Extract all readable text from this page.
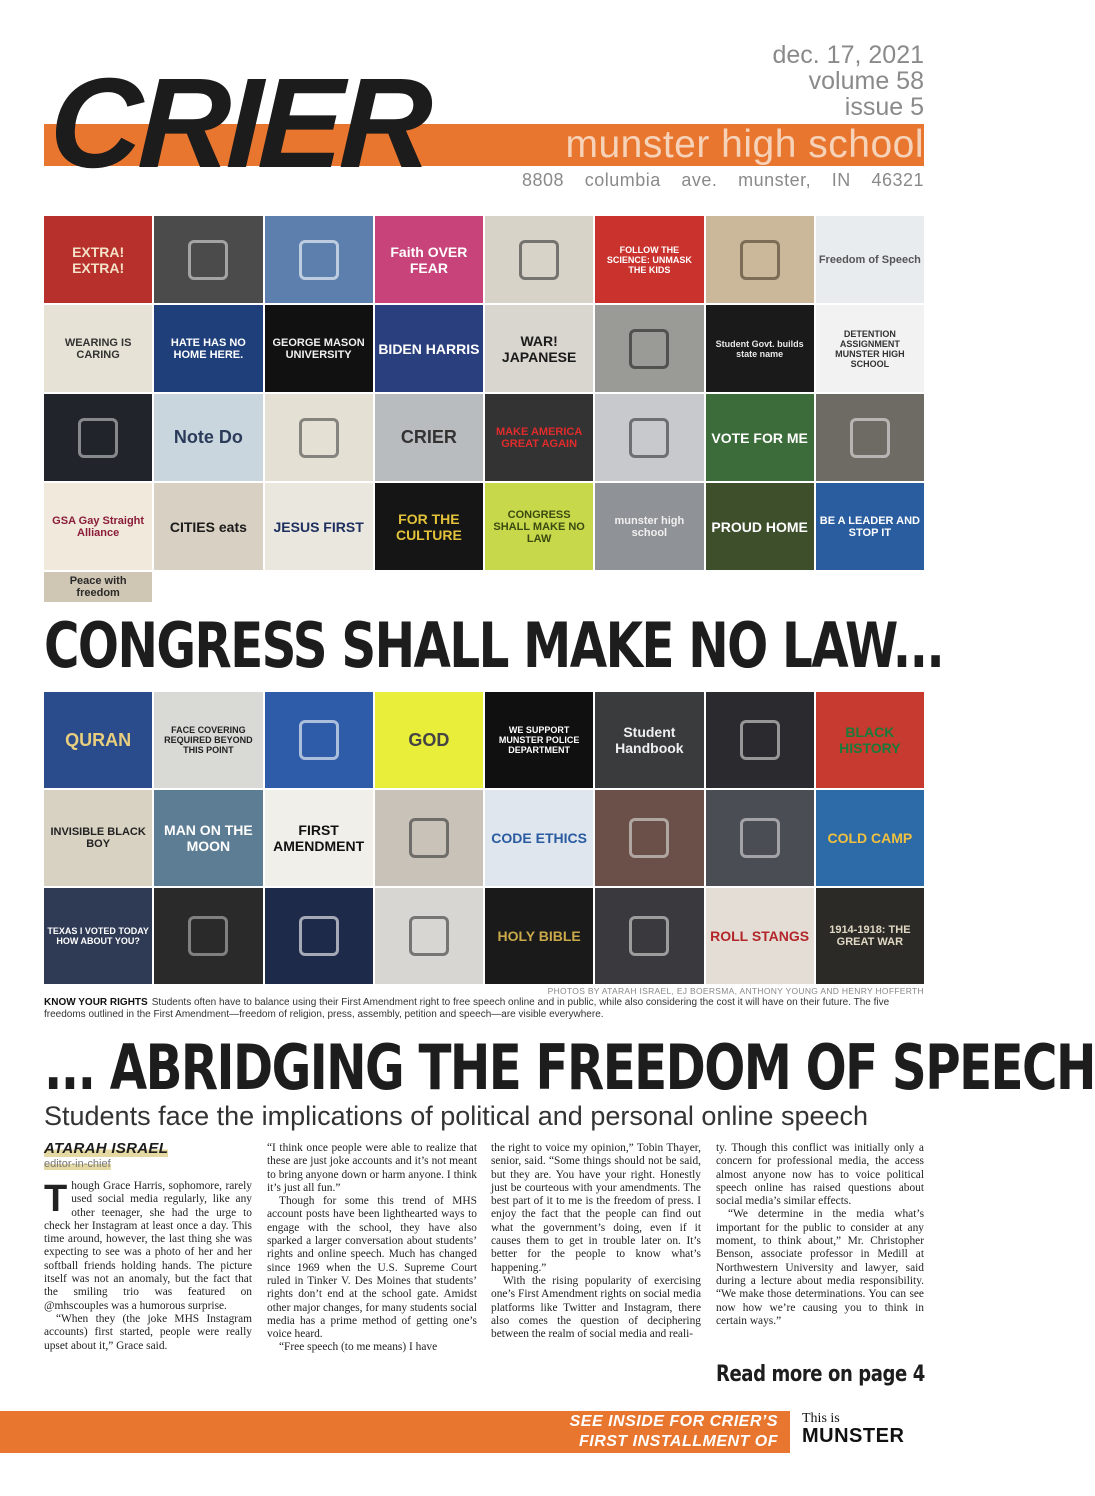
CRIER	dec. 17, 2021
volume 58
issue 5
munster high school
8808 columbia ave. munster, IN 46321
EXTRA! EXTRA!
Faith OVER FEAR
FOLLOW THE SCIENCE: UNMASK THE KIDS
Freedom of Speech
WEARING IS CARING
HATE HAS NO HOME HERE.
GEORGE MASON UNIVERSITY	BIDEN HARRIS	WAR! JAPANESE
Student Govt. builds state name
DETENTION ASSIGNMENT MUNSTER HIGH SCHOOL
Note Do	CRIER	MAKE AMERICA GREAT AGAIN	VOTE FOR ME
GSA Gay Straight Alliance	CITIES eats JESUS FIRST	FOR THE CULTURE
CONGRESS SHALL MAKE NO LAW
munster high school	PROUD HOME	BE A LEADER AND STOP IT
Peace with freedom
CONGRESS SHALL MAKE NO LAW...
QURAN	FACE COVERING REQUIRED BEYOND THIS POINT
GOD	WE SUPPORT MUNSTER POLICE DEPARTMENT
Student Handbook
BLACK HISTORY
INVISIBLE BLACK BOY
MAN ON THE MOON
FIRST AMENDMENT	CODE ETHICS	COLD CAMP
TEXAS I VOTED TODAY HOW ABOUT YOU?	HOLY BIBLE	ROLL STANGS	1914-1918: THE GREAT WAR
PHOTOS BY ATARAH ISRAEL, EJ BOERSMA, ANTHONY YOUNG AND HENRY HOFFERTH
KNOW YOUR RIGHTS Students often have to balance using their First Amendment right to free speech online and in public, while also considering the cost it will have on their future. The five freedoms outlined in the First Amendment—freedom of religion, press, assembly, petition and speech—are visible everywhere.
... ABRIDGING THE FREEDOM OF SPEECH
Students face the implications of political and personal online speech
ATARAH ISRAEL
editor-in-chief
T hough Grace Harris, sophomore, rarely used social media regularly, like any other teenager, she had the urge to check her Instagram at least once a day. This time around, however, the last thing she was expecting to see was a photo of her and her softball friends holding hands. The picture itself was not an anomaly, but the fact that the smiling trio was featured on @mhscouples was a humorous surprise.

“When they (the joke MHS Instagram accounts) first started, people were really upset about it,” Grace said.

“I think once people were able to realize that these are just joke accounts and it’s not meant to bring anyone down or harm anyone. I think it’s just all fun.”

Though for some this trend of MHS account posts have been lighthearted ways to engage with the school, they have also sparked a larger conversation about students’ rights and online speech. Much has changed since 1969 when the U.S. Supreme Court ruled in Tinker V. Des Moines that students’ rights don’t end at the school gate. Amidst other major changes, for many students social media has a prime method of getting one’s voice heard.

“Free speech (to me means) I have

the right to voice my opinion,” Tobin Thayer, senior, said. “Some things should not be said, but they are. You have your right. Honestly just be courteous with your amendments. The best part of it to me is the freedom of press. I enjoy the fact that the people can find out what the government’s doing, even if it causes them to get in trouble later on. It’s better for the people to know what’s happening.”

With the rising popularity of exercising one’s First Amendment rights on social media platforms like Twitter and Instagram, there also comes the question of deciphering between the realm of social media and reali-

ty. Though this conflict was initially only a concern for professional media, the access almost anyone now has to voice political speech online has raised questions about social media’s similar effects.

“We determine in the media what’s important for the public to consider at any moment, to think about,” Mr. Christopher Benson, associate professor in Medill at Northwestern University and lawyer, said during a lecture about media responsibility. “We make those determinations. You can see now how we’re causing you to think in certain ways.”

Read more on page 4
SEE INSIDE FOR CRIER’S
FIRST INSTALLMENT OF
This is
MUNSTER
